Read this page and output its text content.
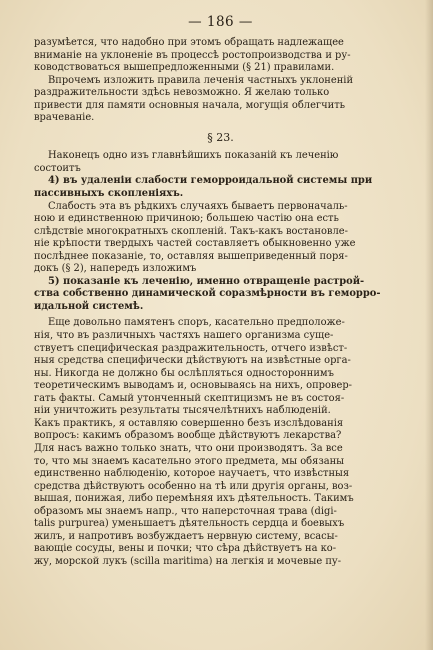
— 186 —

разумѣется, что надобно при этомъ обращать надлежащее

вниманіе на уклоненіе въ процессѣ ростопроизводства и ру-

ководствоваться вышепредложенными (§ 21) правилами.

Впрочемъ изложить правила леченія частныхъ уклоненій

раздражительности здѣсь невозможно. Я желаю только

привести для памяти основныя начала, могущія облегчить

врачеваніе.

§ 23.

Наконецъ одно изъ главнѣйшихъ показаній къ леченію

состоитъ

4) въ удаленіи слабости геморроидальной системы при

пассивныхъ скопленіяхъ.

Слабость эта въ рѣдкихъ случаяхъ бываетъ первоначаль-

ною и единственною причиною; большею частію она есть

слѣдствіе многократныхъ скопленій. Такъ-какъ востановле-

ніе крѣпости твердыхъ частей составляетъ обыкновенно уже

послѣднее показаніе, то, оставляя вышеприведенный поря-

докъ (§ 2), напередъ изложимъ

5) показаніе къ леченію, именно отвращеніе растрой-

ства собственно динамической соразмѣрности въ геморро-

идальной системѣ.

Еще довольно памятенъ споръ, касательно предположе-

нія, что въ различныхъ частяхъ нашего организма суще-

ствуетъ специфическая раздражительность, отчего извѣст-

ныя средства специфически дѣйствуютъ на извѣстные орга-

ны. Никогда не должно бы ослѣпляться одностороннимъ

теоретическимъ выводамъ и, основываясь на нихъ, опровер-

гать факты. Самый утонченный скептицизмъ не въ состоя-

ніи уничтожить результаты тысячелѣтнихъ наблюденій.

Какъ практикъ, я оставляю совершенно безъ изслѣдованія

вопросъ: какимъ образомъ вообще дѣйствуютъ лекарства?

Для насъ важно только знать, что они производятъ. За все

то, что мы знаемъ касательно этого предмета, мы обязаны

единственно наблюденію, которое научаетъ, что извѣстныя

средства дѣйствуютъ особенно на тѣ или другія органы, воз-

вышая, понижая, либо перемѣняя ихъ дѣятельность. Такимъ

образомъ мы знаемъ напр., что наперсточная трава (digi-

talis purpurea) уменьшаетъ дѣятельность сердца и боевыхъ

жилъ, и напротивъ возбуждаетъ нервную систему, всасы-

вающіе сосуды, вены и почки; что сѣра дѣйствуетъ на ко-

жу, морской лукъ (scilla maritima) на легкія и мочевые пу-
